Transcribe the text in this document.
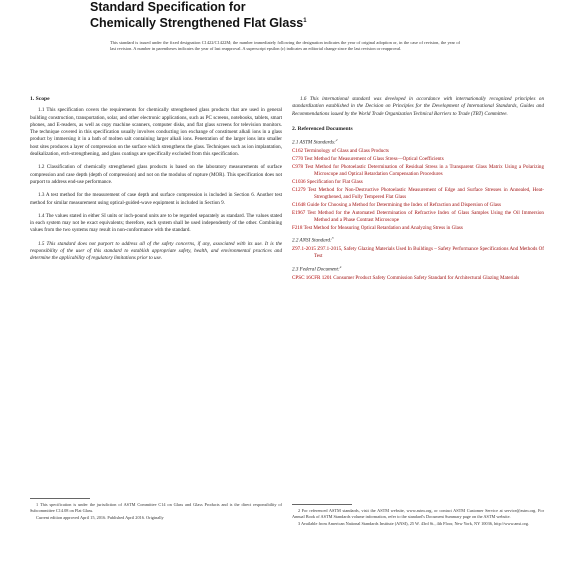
Standard Specification for
Chemically Strengthened Flat Glass$^1$
This standard is issued under the fixed designation C1422/C1422M; the number immediately following the designation indicates the year of original adoption or, in the case of revision, the year of last revision. A number in parentheses indicates the year of last reapproval. A superscript epsilon (ε) indicates an editorial change since the last revision or reapproval.
1. Scope

1.1 This specification covers the requirements for chemically strengthened glass products that are used in general building construction, transportation, solar, and other electronic applications, such as PC screens, notebooks, tablets, smart phones, and E-readers, as well as copy machine scanners, computer disks, and flat glass screens for television monitors. The technique covered in this specification usually involves conducting ion exchange of constituent alkali ions in a glass product by immersing it in a bath of molten salt containing larger alkali ions. Penetration of the larger ions into smaller host sites produces a layer of compression on the surface which strengthens the glass. Techniques such as ion implantation, dealkalization, etch-strengthening, and glass coatings are specifically excluded from this specification.

1.2 Classification of chemically strengthened glass products is based on the laboratory measurements of surface compression and case depth (depth of compression) and not on the modulus of rupture (MOR). This specification does not purport to address end-use performance.

1.3 A test method for the measurement of case depth and surface compression is included in Section 6. Another test method for similar measurement using optical-guided-wave equipment is included in Section 9.

1.4 The values stated in either SI units or inch-pound units are to be regarded separately as standard. The values stated in each system may not be exact equivalents; therefore, each system shall be used independently of the other. Combining values from the two systems may result in non-conformance with the standard.

1.5 This standard does not purport to address all of the safety concerns, if any, associated with its use. It is the responsibility of the user of this standard to establish appropriate safety, health, and environmental practices and determine the applicability of regulatory limitations prior to use.

1.6 This international standard was developed in accordance with internationally recognized principles on standardization established in the Decision on Principles for the Development of International Standards, Guides and Recommendations issued by the World Trade Organization Technical Barriers to Trade (TBT) Committee.

2. Referenced Documents
2.1 ASTM Standards:$^2$
C162 Terminology of Glass and Glass Products
C770 Test Method for Measurement of Glass Stress—Optical Coefficients
C978 Test Method for Photoelastic Determination of Residual Stress in a Transparent Glass Matrix Using a Polarizing Microscope and Optical Retardation Compensation Procedures
C1036 Specification for Flat Glass
C1279 Test Method for Non-Destructive Photoelastic Measurement of Edge and Surface Stresses in Annealed, Heat-Strengthened, and Fully Tempered Flat Glass
C1648 Guide for Choosing a Method for Determining the Index of Refraction and Dispersion of Glass
E1967 Test Method for the Automated Determination of Refractive Index of Glass Samples Using the Oil Immersion Method and a Phase Contrast Microscope
F218 Test Method for Measuring Optical Retardation and Analyzing Stress in Glass
2.2 ANSI Standard:$^3$
Z97.1-2015 Z97.1-2015, Safety Glazing Materials Used In Buildings – Safety Performance Specifications And Methods Of Test
2.3 Federal Document:$^4$
CPSC 16CFR 1201 Consumer Product Safety Commission Safety Standard for Architectural Glazing Materials

1 This specification is under the jurisdiction of ASTM Committee C14 on Glass and Glass Products and is the direct responsibility of Subcommittee C14.08 on Flat Glass.

Current edition approved April 15, 2016. Published April 2016. Originally

2 For referenced ASTM standards, visit the ASTM website, www.astm.org, or contact ASTM Customer Service at service@astm.org. For Annual Book of ASTM Standards volume information, refer to the standard's Document Summary page on the ASTM website.

3 Available from American National Standards Institute (ANSI), 25 W. 43rd St., 4th Floor, New York, NY 10036, http://www.ansi.org.
